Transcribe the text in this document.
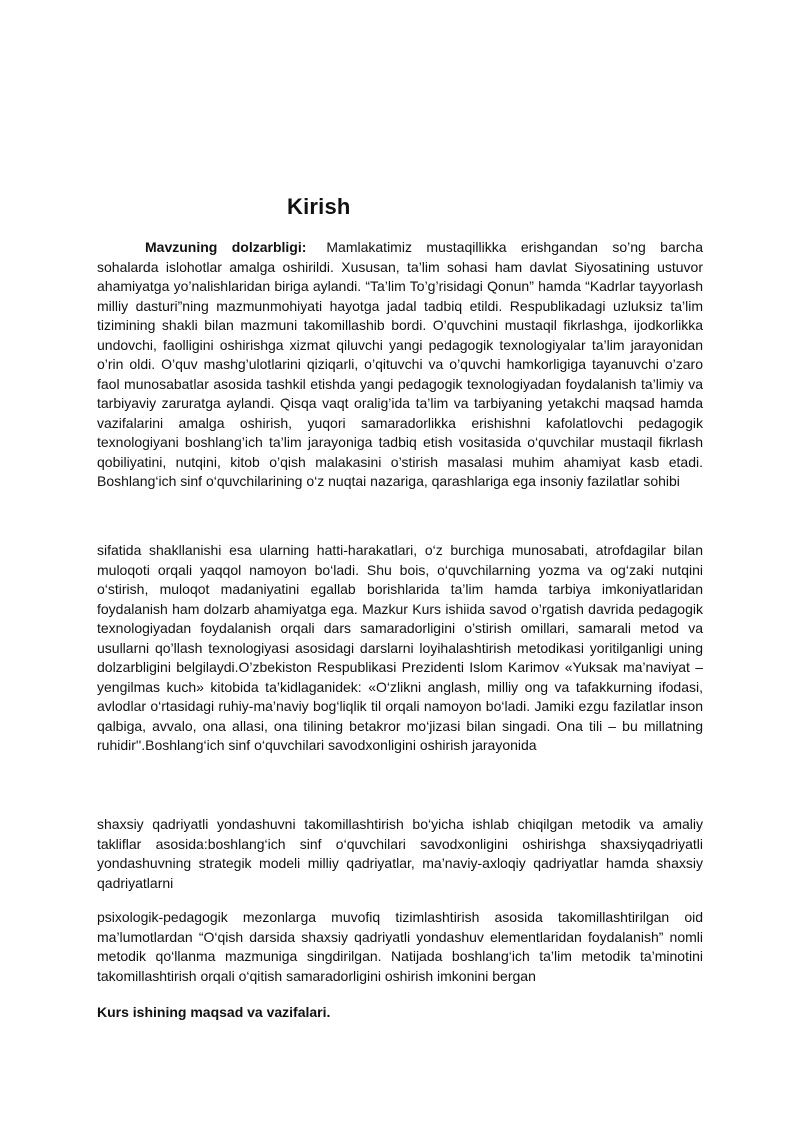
Kirish

Mavzuning dolzarbligi: Mamlakatimiz mustaqillikka erishgandan so’ng barcha sohalarda islohotlar amalga oshirildi. Xususan, ta’lim sohasi ham davlat Siyosatining ustuvor ahamiyatga yo’nalishlaridan biriga aylandi. “Ta’lim To’g’risidagi Qonun” hamda “Kadrlar tayyorlash milliy dasturi”ning mazmunmohiyati hayotga jadal tadbiq etildi. Respublikadagi uzluksiz ta’lim tizimining shakli bilan mazmuni takomillashib bordi. O’quvchini mustaqil fikrlashga, ijodkorlikka undovchi, faolligini oshirishga xizmat qiluvchi yangi pedagogik texnologiyalar ta’lim jarayonidan o’rin oldi. O’quv mashg’ulotlarini qiziqarli, o’qituvchi va o’quvchi hamkorligiga tayanuvchi o’zaro faol munosabatlar asosida tashkil etishda yangi pedagogik texnologiyadan foydalanish ta’limiy va tarbiyaviy zaruratga aylandi. Qisqa vaqt oralig’ida ta’lim va tarbiyaning yetakchi maqsad hamda vazifalarini amalga oshirish, yuqori samaradorlikka erishishni kafolatlovchi pedagogik texnologiyani boshlang’ich ta’lim jarayoniga tadbiq etish vositasida o‘quvchilar mustaqil fikrlash qobiliyatini, nutqini, kitob o’qish malakasini o’stirish masalasi muhim ahamiyat kasb etadi. Boshlang‘ich sinf o‘quvchilarining o‘z nuqtai nazariga, qarashlariga ega insoniy fazilatlar sohibi

sifatida shakllanishi esa ularning hatti-harakatlari, o‘z burchiga munosabati, atrofdagilar bilan muloqoti orqali yaqqol namoyon bo‘ladi. Shu bois, o‘quvchilarning yozma va og‘zaki nutqini o‘stirish, muloqot madaniyatini egallab borishlarida ta’lim hamda tarbiya imkoniyatlaridan foydalanish ham dolzarb ahamiyatga ega. Mazkur Kurs ishiida savod o’rgatish davrida pedagogik texnologiyadan foydalanish orqali dars samaradorligini o’stirish omillari, samarali metod va usullarni qo’llash texnologiyasi asosidagi darslarni loyihalashtirish metodikasi yoritilganligi uning dolzarbligini belgilaydi.O’zbekiston Respublikasi Prezidenti Islom Karimov «Yuksak ma’naviyat –yengilmas kuch» kitobida ta’kidlaganidek: «O‘zlikni anglash, milliy ong va tafakkurning ifodasi, avlodlar o‘rtasidagi ruhiy-ma’naviy bog‘liqlik til orqali namoyon bo‘ladi. Jamiki ezgu fazilatlar inson qalbiga, avvalo, ona allasi, ona tilining betakror mo‘jizasi bilan singadi. Ona tili – bu millatning ruhidir''.Boshlang‘ich sinf o‘quvchilari savodxonligini oshirish jarayonida

shaxsiy qadriyatli yondashuvni takomillashtirish bo‘yicha ishlab chiqilgan metodik va amaliy takliflar asosida:boshlang‘ich sinf o‘quvchilari savodxonligini oshirishga shaxsiyqadriyatli yondashuvning strategik modeli milliy qadriyatlar, ma’naviy-axloqiy qadriyatlar hamda shaxsiy qadriyatlarni

psixologik-pedagogik mezonlarga muvofiq tizimlashtirish asosida takomillashtirilgan oid ma’lumotlardan “O‘qish darsida shaxsiy qadriyatli yondashuv elementlaridan foydalanish” nomli metodik qo‘llanma mazmuniga singdirilgan. Natijada boshlang‘ich ta’lim metodik ta’minotini takomillashtirish orqali o‘qitish samaradorligini oshirish imkonini bergan

Kurs ishining maqsad va vazifalari.
